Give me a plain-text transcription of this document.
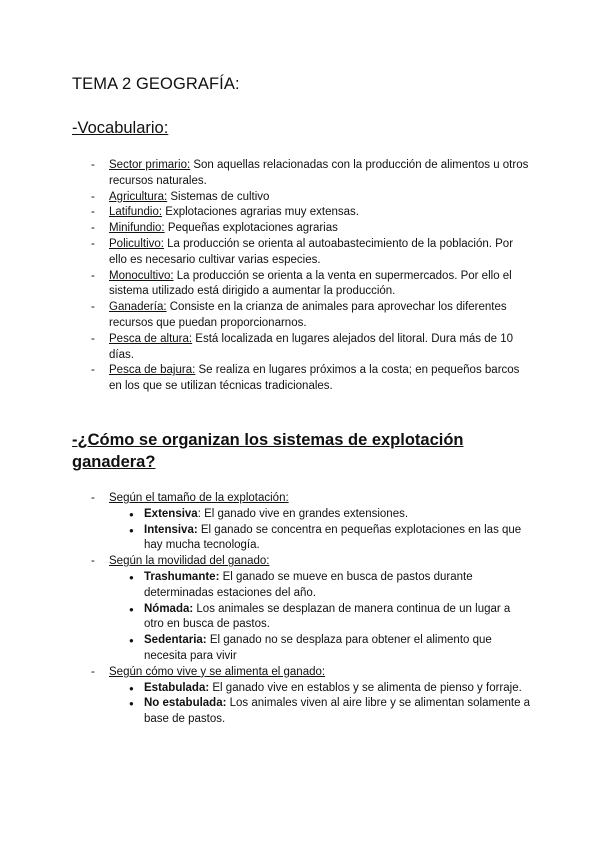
TEMA 2 GEOGRAFÍA:
-Vocabulario:
- Sector primario: Son aquellas relacionadas con la producción de alimentos u otros recursos naturales.
- Agricultura: Sistemas de cultivo
- Latifundio: Explotaciones agrarias muy extensas.
- Minifundio: Pequeñas explotaciones agrarias
- Policultivo: La producción se orienta al autoabastecimiento de la población. Por ello es necesario cultivar varias especies.
- Monocultivo: La producción se orienta a la venta en supermercados. Por ello el sistema utilizado está dirigido a aumentar la producción.
- Ganadería: Consiste en la crianza de animales para aprovechar los diferentes recursos que puedan proporcionarnos.
- Pesca de altura: Está localizada en lugares alejados del litoral. Dura más de 10 días.
- Pesca de bajura: Se realiza en lugares próximos a la costa; en pequeños barcos en los que se utilizan técnicas tradicionales.
-¿Cómo se organizan los sistemas de explotación ganadera?
- Según el tamaño de la explotación:
● Extensiva: El ganado vive en grandes extensiones.
● Intensiva: El ganado se concentra en pequeñas explotaciones en las que hay mucha tecnología.
- Según la movilidad del ganado:
● Trashumante: El ganado se mueve en busca de pastos durante determinadas estaciones del año.
● Nómada: Los animales se desplazan de manera continua de un lugar a otro en busca de pastos.
● Sedentaria: El ganado no se desplaza para obtener el alimento que necesita para vivir
- Según cómo vive y se alimenta el ganado:
● Estabulada: El ganado vive en establos y se alimenta de pienso y forraje.
● No estabulada: Los animales viven al aire libre y se alimentan solamente a base de pastos.
